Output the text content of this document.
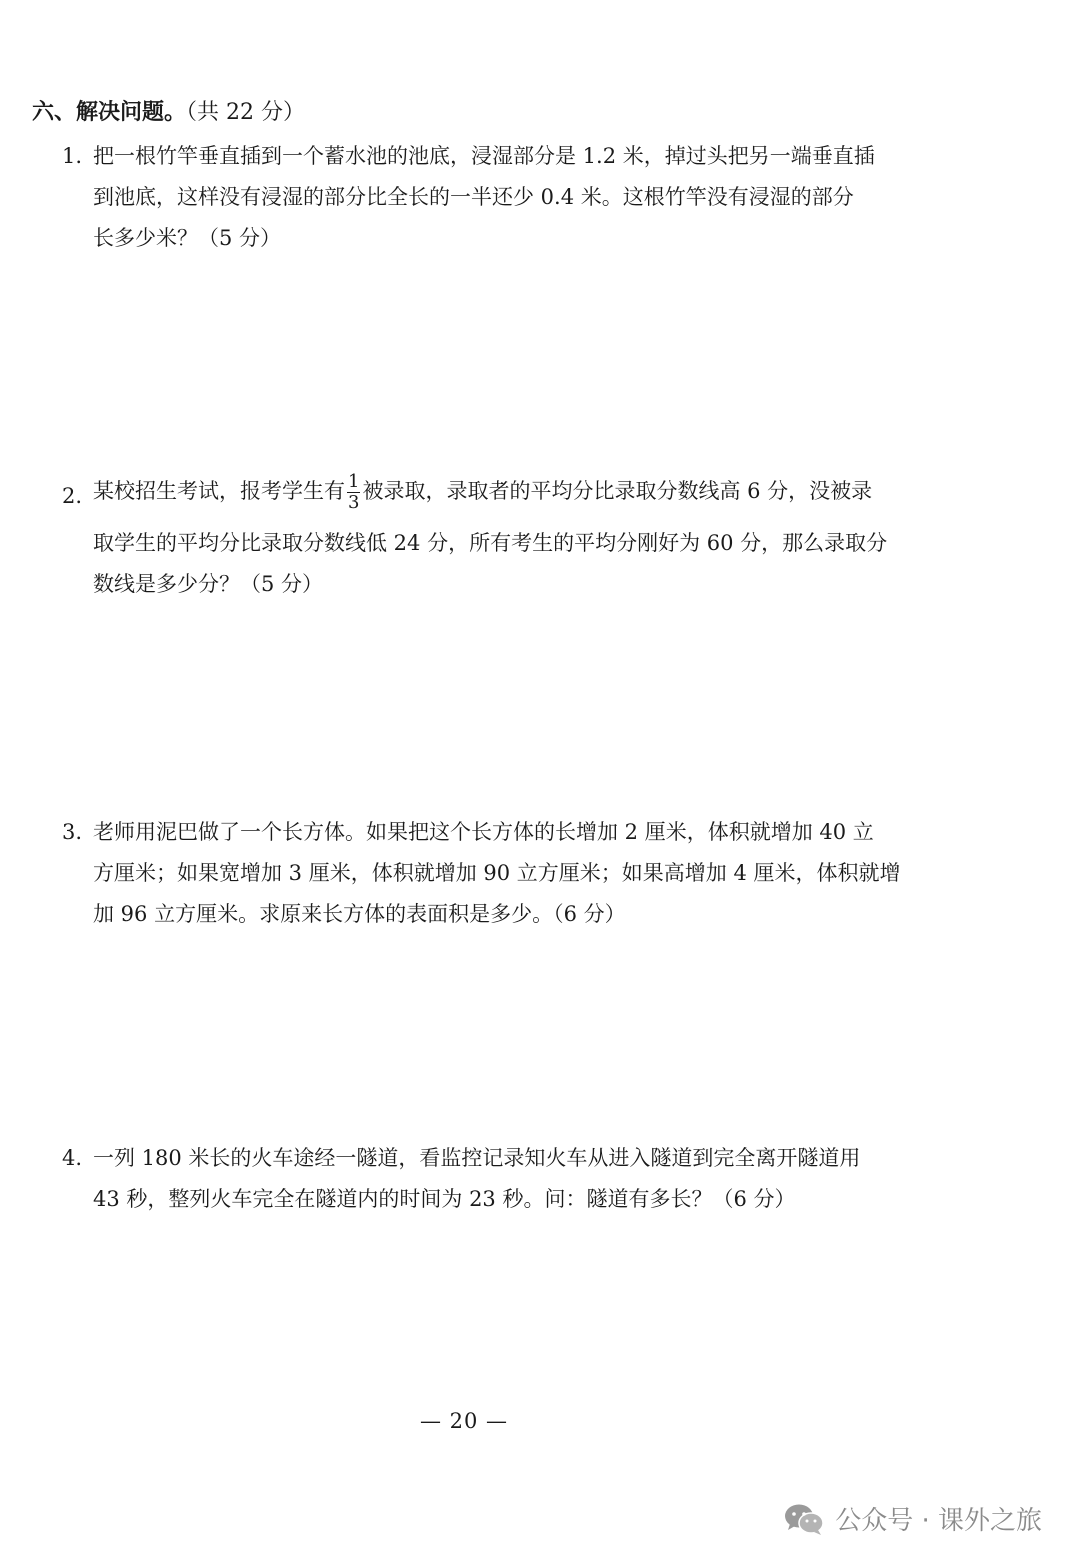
六、解决问题。（共 22 分）
1. 把一根竹竿垂直插到一个蓄水池的池底，浸湿部分是 1.2 米，掉过头把另一端垂直插
到池底，这样没有浸湿的部分比全长的一半还少 0.4 米。这根竹竿没有浸湿的部分
长多少米？（5 分）
2. 某校招生考试，报考学生有 $\frac{1}{3}$ 被录取，录取者的平均分比录取分数线高 6 分，没被录
取学生的平均分比录取分数线低 24 分，所有考生的平均分刚好为 60 分，那么录取分
数线是多少分？（5 分）
3. 老师用泥巴做了一个长方体。如果把这个长方体的长增加 2 厘米，体积就增加 40 立
方厘米；如果宽增加 3 厘米，体积就增加 90 立方厘米；如果高增加 4 厘米，体积就增
加 96 立方厘米。求原来长方体的表面积是多少。（6 分）
4. 一列 180 米长的火车途经一隧道，看监控记录知火车从进入隧道到完全离开隧道用
43 秒，整列火车完全在隧道内的时间为 23 秒。问：隧道有多长？（6 分）
— 20 —
公众号 · 课外之旅
